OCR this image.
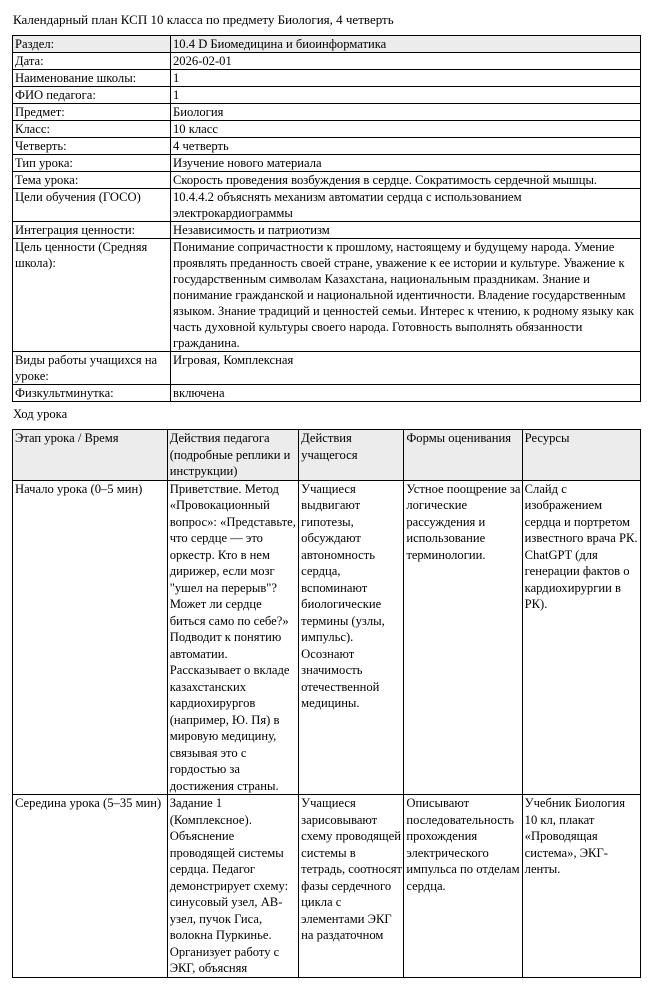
Календарный план КСП 10 класса по предмету Биология, 4 четверть
Раздел:	10.4 D Биомедицина и биоинформатика
Дата:	2026-02-01
Наименование школы:	1
ФИО педагога:	1
Предмет:	Биология
Класс:	10 класс
Четверть:	4 четверть
Тип урока:	Изучение нового материала
Тема урока:	Скорость проведения возбуждения в сердце. Сократимость сердечной мышцы.
Цели обучения (ГОСО)	10.4.4.2 объяснять механизм автоматии сердца с использованием электрокардиограммы
Интеграция ценности:	Независимость и патриотизм
Цель ценности (Средняя школа):	Понимание сопричастности к прошлому, настоящему и будущему народа. Умение проявлять преданность своей стране, уважение к ее истории и культуре. Уважение к государственным символам Казахстана, национальным праздникам. Знание и понимание гражданской и национальной идентичности. Владение государственным языком. Знание традиций и ценностей семьи. Интерес к чтению, к родному языку как часть духовной культуры своего народа. Готовность выполнять обязанности гражданина.
Виды работы учащихся на уроке:	Игровая, Комплексная
Физкультминутка:	включена
Ход урока
Этап урока / Время	Действия педагога (подробные реплики и инструкции)	Действия учащегося	Формы оценивания	Ресурсы
Начало урока (0–5 мин)	Приветствие. Метод «Провокационный вопрос»: «Представьте, что сердце — это оркестр. Кто в нем дирижер, если мозг "ушел на перерыв"? Может ли сердце биться само по себе?» Подводит к понятию автоматии. Рассказывает о вкладе казахстанских кардиохирургов (например, Ю. Пя) в мировую медицину, связывая это с гордостью за достижения страны.	Учащиеся выдвигают гипотезы, обсуждают автономность сердца, вспоминают биологические термины (узлы, импульс). Осознают значимость отечественной медицины.	Устное поощрение за логические рассуждения и использование терминологии.	Слайд с изображением сердца и портретом известного врача РК. ChatGPT (для генерации фактов о кардиохирургии в РК).
Середина урока (5–35 мин)	Задание 1 (Комплексное). Объяснение проводящей системы сердца. Педагог демонстрирует схему: синусовый узел, АВ-узел, пучок Гиса, волокна Пуркинье. Организует работу с ЭКГ, объясняя	Учащиеся зарисовывают схему проводящей системы в тетрадь, соотносят фазы сердечного цикла с элементами ЭКГ на раздаточном	Описывают последовательность прохождения электрического импульса по отделам сердца.	Учебник Биология 10 кл, плакат «Проводящая система», ЭКГ-ленты.
